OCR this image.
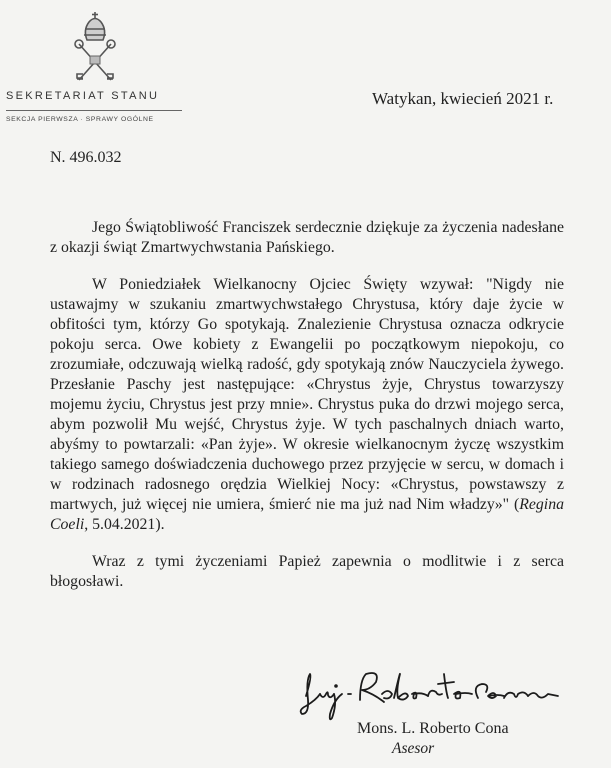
SEKRETARIAT STANU
SEKCJA PIERWSZA · SPRAWY OGÓLNE
Watykan, kwiecień 2021 r.
N. 496.032

Jego Świątobliwość Franciszek serdecznie dziękuje za życzenia nadesłane z okazji świąt Zmartwychwstania Pańskiego.

W Poniedziałek Wielkanocny Ojciec Święty wzywał: "Nigdy nie ustawajmy w szukaniu zmartwychwstałego Chrystusa, który daje życie w obfitości tym, którzy Go spotykają. Znalezienie Chrystusa oznacza odkrycie pokoju serca. Owe kobiety z Ewangelii po początkowym niepokoju, co zrozumiałe, odczuwają wielką radość, gdy spotykają znów Nauczyciela żywego. Przesłanie Paschy jest następujące: «Chrystus żyje, Chrystus towarzyszy mojemu życiu, Chrystus jest przy mnie». Chrystus puka do drzwi mojego serca, abym pozwolił Mu wejść, Chrystus żyje. W tych paschalnych dniach warto, abyśmy to powtarzali: «Pan żyje». W okresie wielkanocnym życzę wszystkim takiego samego doświadczenia duchowego przez przyjęcie w sercu, w domach i w rodzinach radosnego orędzia Wielkiej Nocy: «Chrystus, powstawszy z martwych, już więcej nie umiera, śmierć nie ma już nad Nim władzy»" (Regina Coeli, 5.04.2021).

Wraz z tymi życzeniami Papież zapewnia o modlitwie i z serca błogosławi.

Mons. L. Roberto Cona
Asesor
